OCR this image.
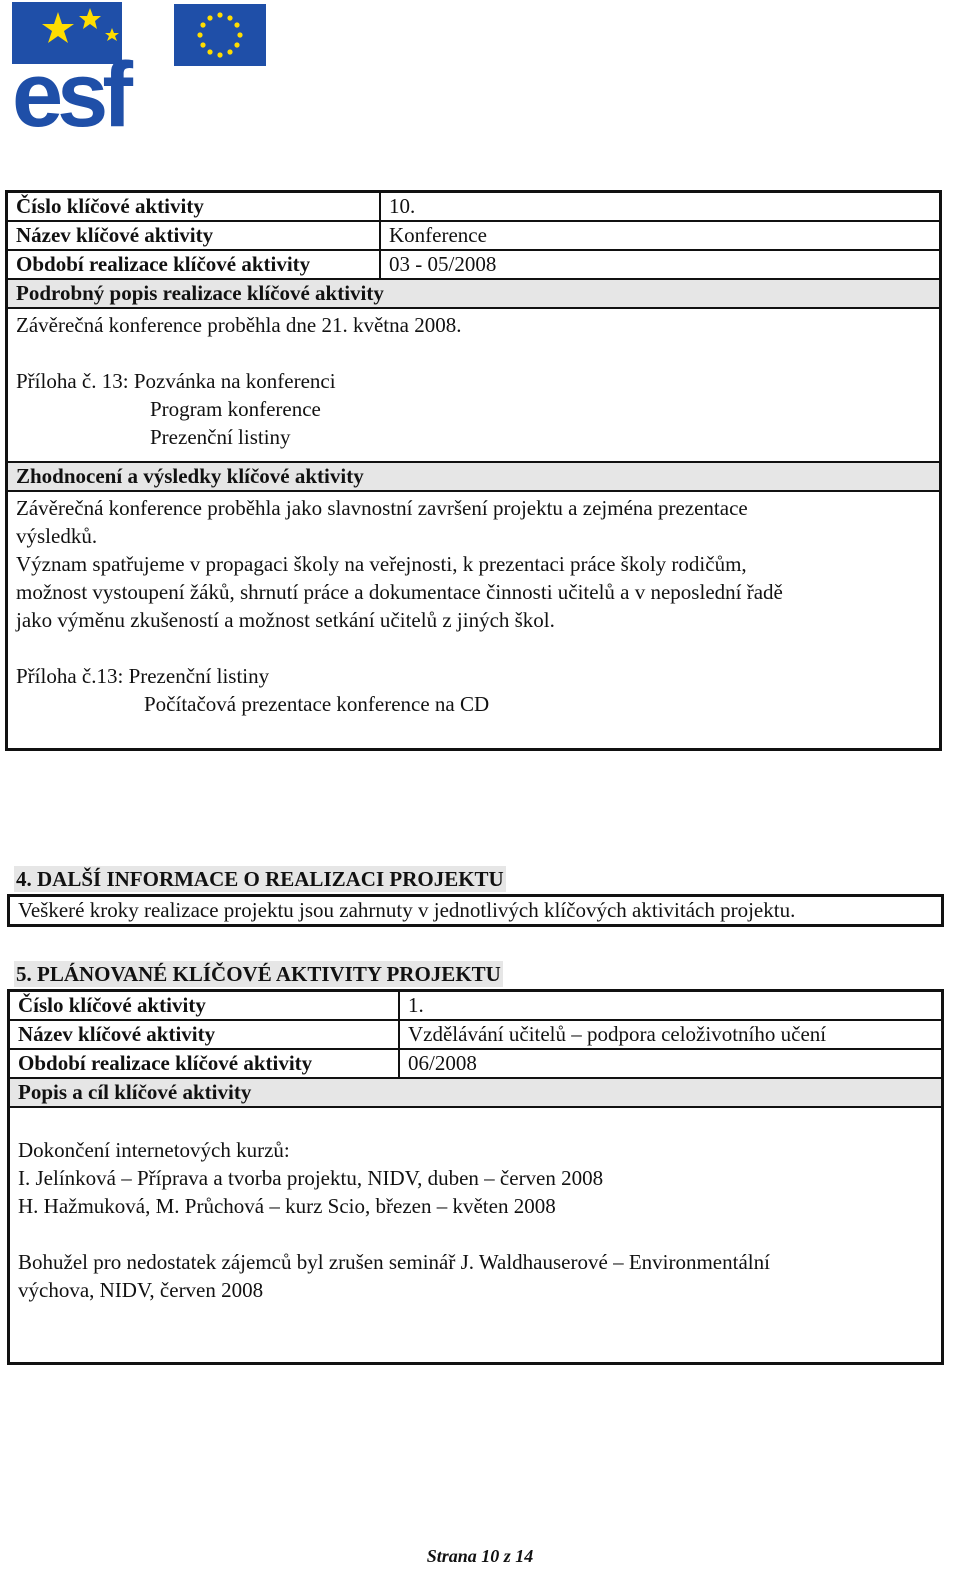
esf
Číslo klíčové aktivity	10.
Název klíčové aktivity	Konference
Období realizace klíčové aktivity	03 - 05/2008
Podrobný popis realizace klíčové aktivity
Závěrečná konference proběhla dne 21. května 2008.
Příloha č. 13: Pozvánka na konferenci
Program konference
Prezenční listiny
Zhodnocení a výsledky klíčové aktivity
Závěrečná konference proběhla jako slavnostní završení projektu a zejména prezentace
výsledků.
Význam spatřujeme v propagaci školy na veřejnosti, k prezentaci práce školy rodičům,
možnost vystoupení žáků, shrnutí práce a dokumentace činnosti učitelů a v neposlední řadě
jako výměnu zkušeností a možnost setkání učitelů z jiných škol.
Příloha č.13: Prezenční listiny
Počítačová prezentace konference na CD
4. DALŠÍ INFORMACE O REALIZACI PROJEKTU
Veškeré kroky realizace projektu jsou zahrnuty v jednotlivých klíčových aktivitách projektu.
5. PLÁNOVANÉ KLÍČOVÉ AKTIVITY PROJEKTU
Číslo klíčové aktivity	1.
Název klíčové aktivity	Vzdělávání učitelů – podpora celoživotního učení
Období realizace klíčové aktivity	06/2008
Popis a cíl klíčové aktivity
Dokončení internetových kurzů:
I. Jelínková – Příprava a tvorba projektu, NIDV, duben – červen 2008
H. Hažmuková, M. Průchová – kurz Scio, březen – květen 2008
Bohužel pro nedostatek zájemců byl zrušen seminář J. Waldhauserové – Environmentální
výchova, NIDV, červen 2008
Strana 10 z 14
